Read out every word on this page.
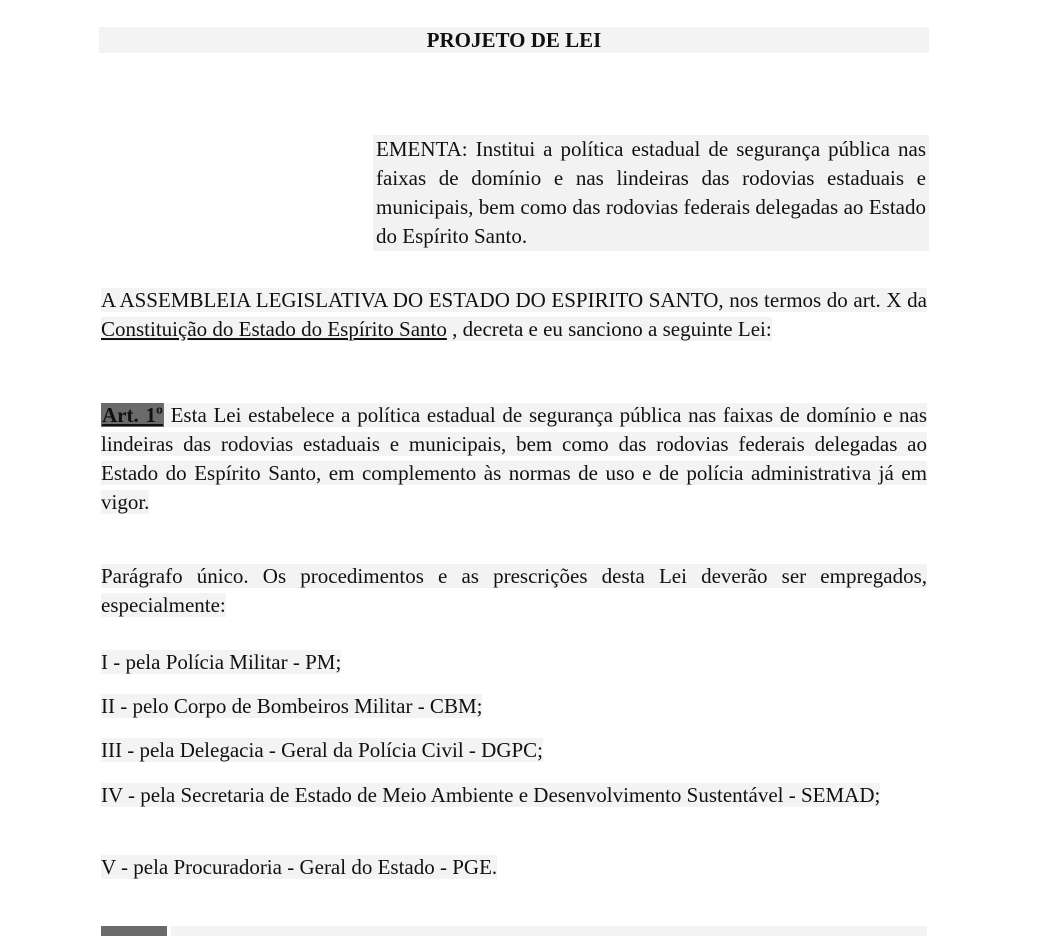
PROJETO DE LEI
EMENTA: Institui a política estadual de segurança pública nas faixas de domínio e nas lindeiras das rodovias estaduais e municipais, bem como das rodovias federais delegadas ao Estado do Espírito Santo.
A ASSEMBLEIA LEGISLATIVA DO ESTADO DO ESPIRITO SANTO, nos termos do art. X da Constituição do Estado do Espírito Santo , decreta e eu sanciono a seguinte Lei:
Art. 1º Esta Lei estabelece a política estadual de segurança pública nas faixas de domínio e nas lindeiras das rodovias estaduais e municipais, bem como das rodovias federais delegadas ao Estado do Espírito Santo, em complemento às normas de uso e de polícia administrativa já em vigor.
Parágrafo único. Os procedimentos e as prescrições desta Lei deverão ser empregados, especialmente:
I - pela Polícia Militar - PM;
II - pelo Corpo de Bombeiros Militar - CBM;
III - pela Delegacia - Geral da Polícia Civil - DGPC;
IV - pela Secretaria de Estado de Meio Ambiente e Desenvolvimento Sustentável - SEMAD;
V - pela Procuradoria - Geral do Estado - PGE.
